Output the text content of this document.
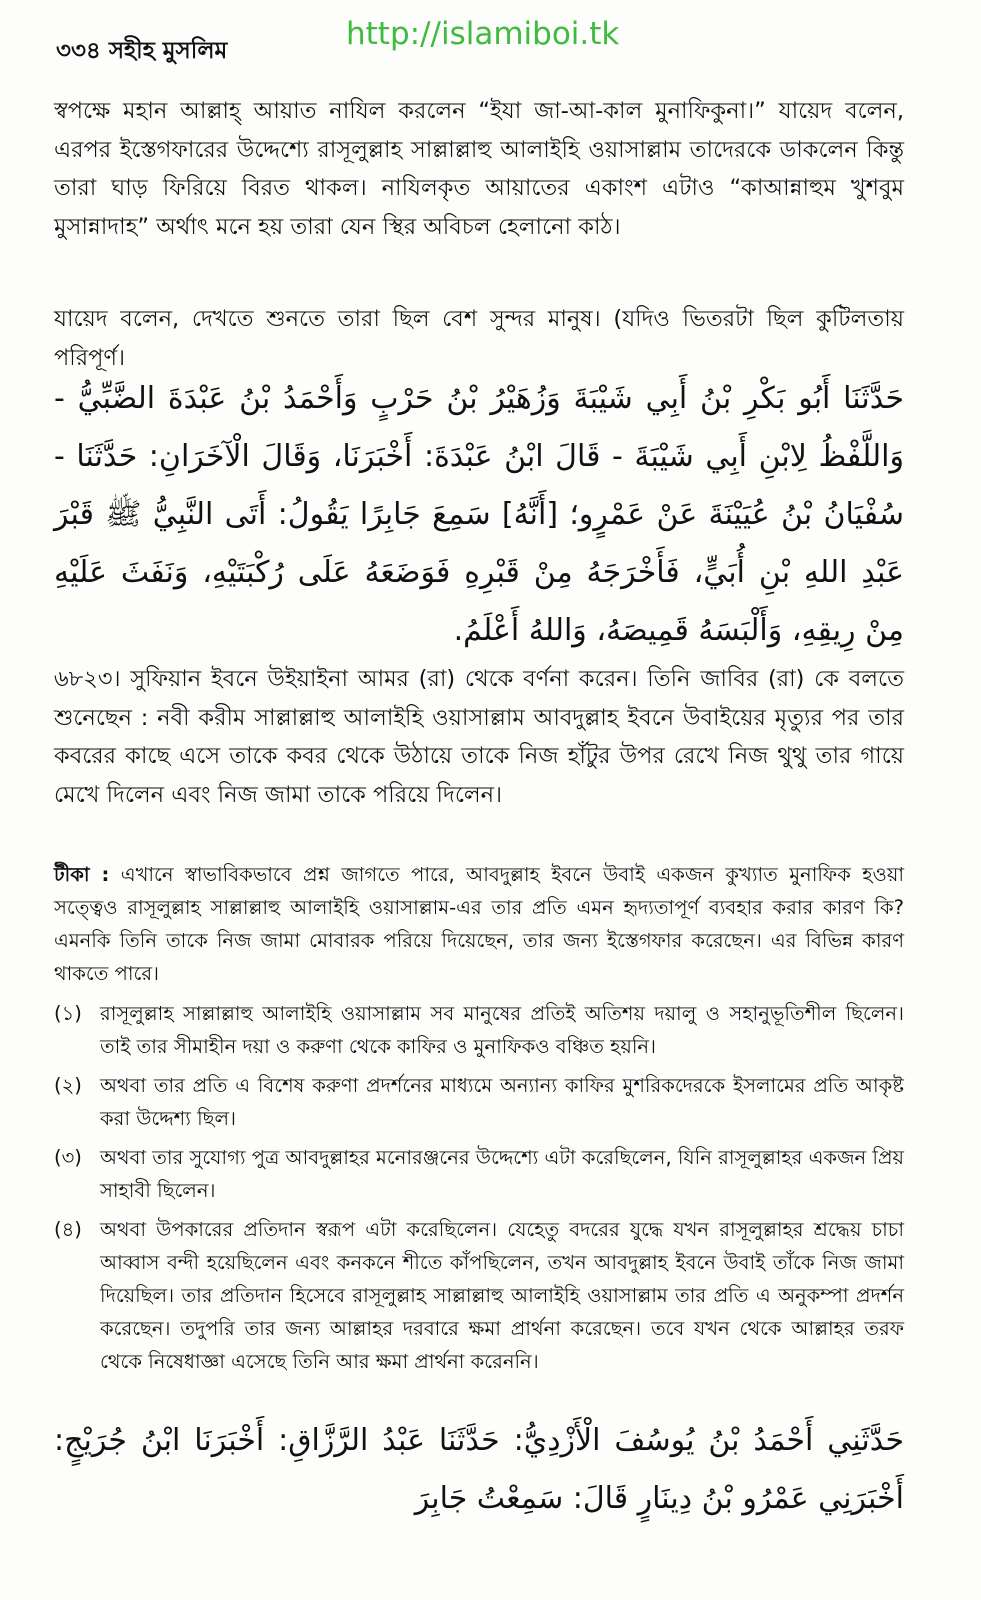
৩৩৪ সহীহ মুসলিম	http://islamiboi.tk
স্বপক্ষে মহান আল্লাহ্ আয়াত নাযিল করলেন “ইযা জা-আ-কাল মুনাফিকুনা।” যায়েদ বলেন, এরপর ইস্তেগফারের উদ্দেশ্যে রাসূলুল্লাহ সাল্লাল্লাহু আলাইহি ওয়াসাল্লাম তাদেরকে ডাকলেন কিন্তু তারা ঘাড় ফিরিয়ে বিরত থাকল। নাযিলকৃত আয়াতের একাংশ এটাও “কাআন্নাহুম খুশবুম মুসান্নাদাহ” অর্থাৎ মনে হয় তারা যেন স্থির অবিচল হেলানো কাঠ।
যায়েদ বলেন, দেখতে শুনতে তারা ছিল বেশ সুন্দর মানুষ। (যদিও ভিতরটা ছিল কুটিলতায় পরিপূর্ণ।
حَدَّثَنَا أَبُو بَكْرِ بْنُ أَبِي شَيْبَةَ وَزُهَيْرُ بْنُ حَرْبٍ وَأَحْمَدُ بْنُ عَبْدَةَ الضَّبِّيُّ - وَاللَّفْظُ لِابْنِ أَبِي شَيْبَةَ - قَالَ ابْنُ عَبْدَةَ: أَخْبَرَنَا، وَقَالَ الْآخَرَانِ: حَدَّثَنَا - سُفْيَانُ بْنُ عُيَيْنَةَ عَنْ عَمْرٍو؛ [أَنَّهُ] سَمِعَ جَابِرًا يَقُولُ: أَتَى النَّبِيُّ ﷺ قَبْرَ عَبْدِ اللهِ بْنِ أُبَيٍّ، فَأَخْرَجَهُ مِنْ قَبْرِهِ فَوَضَعَهُ عَلَى رُكْبَتَيْهِ، وَنَفَثَ عَلَيْهِ مِنْ رِيقِهِ، وَأَلْبَسَهُ قَمِيصَهُ، وَاللهُ أَعْلَمُ.
৬৮২৩। সুফিয়ান ইবনে উইয়াইনা আমর (রা) থেকে বর্ণনা করেন। তিনি জাবির (রা) কে বলতে শুনেছেন : নবী করীম সাল্লাল্লাহু আলাইহি ওয়াসাল্লাম আবদুল্লাহ ইবনে উবাইয়ের মৃত্যুর পর তার কবরের কাছে এসে তাকে কবর থেকে উঠায়ে তাকে নিজ হাঁটুর উপর রেখে নিজ থুথু তার গায়ে মেখে দিলেন এবং নিজ জামা তাকে পরিয়ে দিলেন।
টীকা : এখানে স্বাভাবিকভাবে প্রশ্ন জাগতে পারে, আবদুল্লাহ ইবনে উবাই একজন কুখ্যাত মুনাফিক হওয়া সত্ত্বেও রাসূলুল্লাহ সাল্লাল্লাহু আলাইহি ওয়াসাল্লাম-এর তার প্রতি এমন হৃদ্যতাপূর্ণ ব্যবহার করার কারণ কি? এমনকি তিনি তাকে নিজ জামা মোবারক পরিয়ে দিয়েছেন, তার জন্য ইস্তেগফার করেছেন। এর বিভিন্ন কারণ থাকতে পারে।
(১) রাসূলুল্লাহ সাল্লাল্লাহু আলাইহি ওয়াসাল্লাম সব মানুষের প্রতিই অতিশয় দয়ালু ও সহানুভূতিশীল ছিলেন। তাই তার সীমাহীন দয়া ও করুণা থেকে কাফির ও মুনাফিকও বঞ্চিত হয়নি।
(২) অথবা তার প্রতি এ বিশেষ করুণা প্রদর্শনের মাধ্যমে অন্যান্য কাফির মুশরিকদেরকে ইসলামের প্রতি আকৃষ্ট করা উদ্দেশ্য ছিল।
(৩) অথবা তার সুযোগ্য পুত্র আবদুল্লাহর মনোরঞ্জনের উদ্দেশ্যে এটা করেছিলেন, যিনি রাসূলুল্লাহর একজন প্রিয় সাহাবী ছিলেন।
(৪) অথবা উপকারের প্রতিদান স্বরূপ এটা করেছিলেন। যেহেতু বদরের যুদ্ধে যখন রাসূলুল্লাহর শ্রদ্ধেয় চাচা আব্বাস বন্দী হয়েছিলেন এবং কনকনে শীতে কাঁপছিলেন, তখন আবদুল্লাহ ইবনে উবাই তাঁকে নিজ জামা দিয়েছিল। তার প্রতিদান হিসেবে রাসূলুল্লাহ সাল্লাল্লাহু আলাইহি ওয়াসাল্লাম তার প্রতি এ অনুকম্পা প্রদর্শন করেছেন। তদুপরি তার জন্য আল্লাহর দরবারে ক্ষমা প্রার্থনা করেছেন। তবে যখন থেকে আল্লাহর তরফ থেকে নিষেধাজ্ঞা এসেছে তিনি আর ক্ষমা প্রার্থনা করেননি।
حَدَّثَنِي أَحْمَدُ بْنُ يُوسُفَ الْأَزْدِيُّ: حَدَّثَنَا عَبْدُ الرَّزَّاقِ: أَخْبَرَنَا ابْنُ جُرَيْجٍ: أَخْبَرَنِي عَمْرُو بْنُ دِينَارٍ قَالَ: سَمِعْتُ جَابِرَ
